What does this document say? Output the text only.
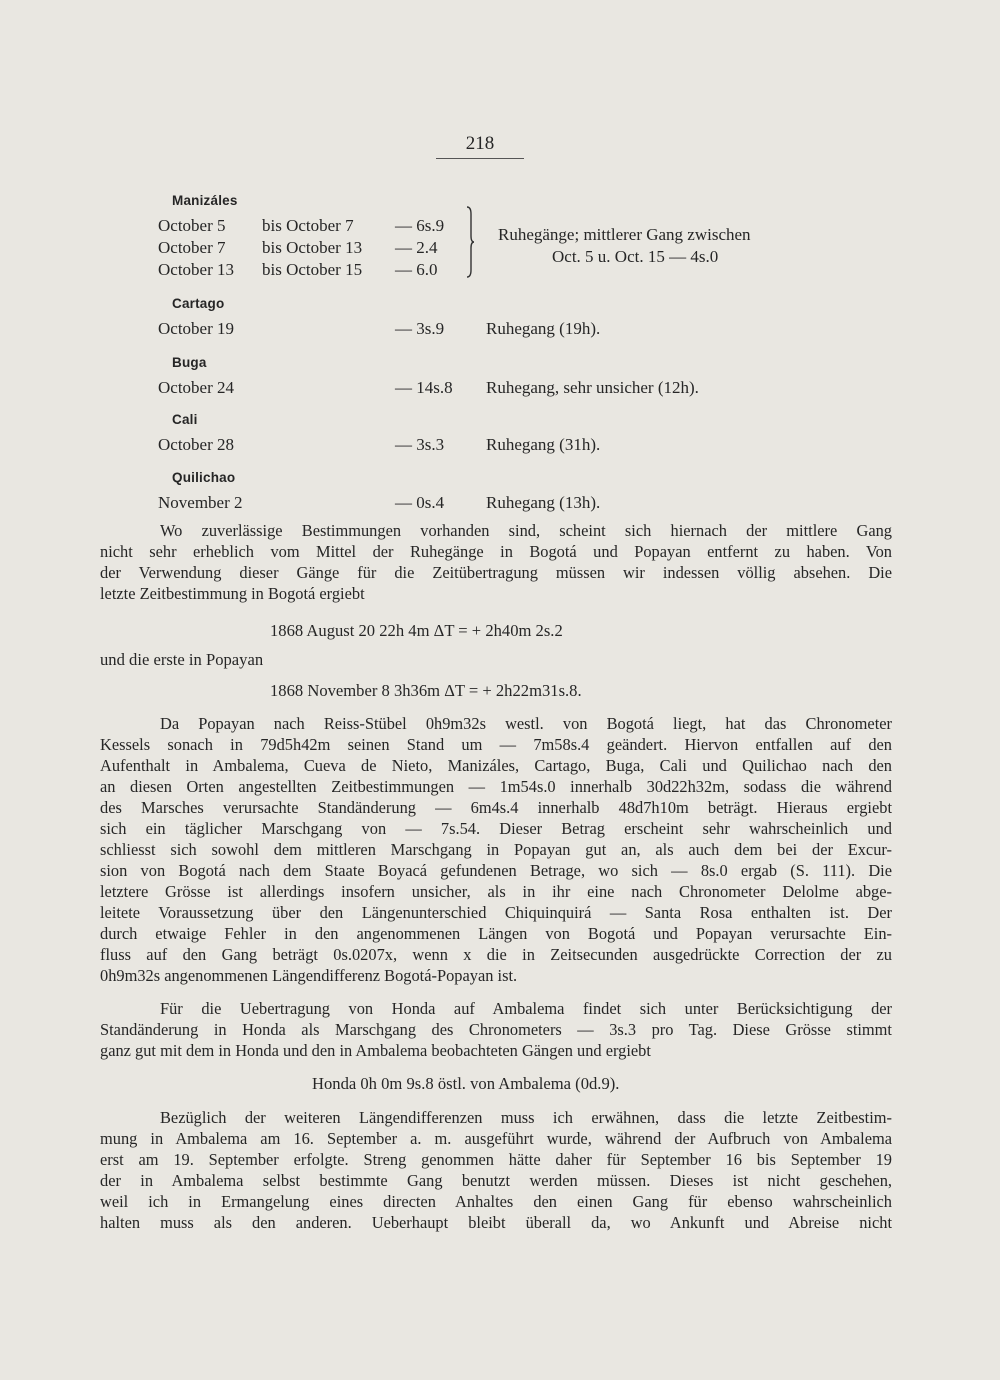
218
Manizáles
October 5 bis October 7 — 6s.9
October 7 bis October 13 — 2.4
October 13 bis October 15 — 6.0
Ruhegänge; mittlerer Gang zwischen
Oct. 5 u. Oct. 15 — 4s.0
Cartago
October 19	— 3s.9 Ruhegang (19h).
Buga
October 24	— 14s.8 Ruhegang, sehr unsicher (12h).
Cali
October 28	— 3s.3 Ruhegang (31h).
Quilichao
November 2	— 0s.4 Ruhegang (13h).
Wo zuverlässige Bestimmungen vorhanden sind, scheint sich hiernach der mittlere Gang
nicht sehr erheblich vom Mittel der Ruhegänge in Bogotá und Popayan entfernt zu haben. Von
der Verwendung dieser Gänge für die Zeitübertragung müssen wir indessen völlig absehen. Die
letzte Zeitbestimmung in Bogotá ergiebt
1868 August 20 22h 4m ΔT = + 2h40m 2s.2
und die erste in Popayan
1868 November 8 3h36m ΔT = + 2h22m31s.8.
Da Popayan nach Reiss-Stübel 0h9m32s westl. von Bogotá liegt, hat das Chronometer
Kessels sonach in 79d5h42m seinen Stand um — 7m58s.4 geändert. Hiervon entfallen auf den
Aufenthalt in Ambalema, Cueva de Nieto, Manizáles, Cartago, Buga, Cali und Quilichao nach den
an diesen Orten angestellten Zeitbestimmungen — 1m54s.0 innerhalb 30d22h32m, sodass die während
des Marsches verursachte Standänderung — 6m4s.4 innerhalb 48d7h10m beträgt. Hieraus ergiebt
sich ein täglicher Marschgang von — 7s.54. Dieser Betrag erscheint sehr wahrscheinlich und
schliesst sich sowohl dem mittleren Marschgang in Popayan gut an, als auch dem bei der Excur-
sion von Bogotá nach dem Staate Boyacá gefundenen Betrage, wo sich — 8s.0 ergab (S. 111). Die
letztere Grösse ist allerdings insofern unsicher, als in ihr eine nach Chronometer Delolme abge-
leitete Voraussetzung über den Längenunterschied Chiquinquirá — Santa Rosa enthalten ist. Der
durch etwaige Fehler in den angenommenen Längen von Bogotá und Popayan verursachte Ein-
fluss auf den Gang beträgt 0s.0207x, wenn x die in Zeitsecunden ausgedrückte Correction der zu
0h9m32s angenommenen Längendifferenz Bogotá-Popayan ist.
Für die Uebertragung von Honda auf Ambalema findet sich unter Berücksichtigung der
Standänderung in Honda als Marschgang des Chronometers — 3s.3 pro Tag. Diese Grösse stimmt
ganz gut mit dem in Honda und den in Ambalema beobachteten Gängen und ergiebt
Honda 0h 0m 9s.8 östl. von Ambalema (0d.9).
Bezüglich der weiteren Längendifferenzen muss ich erwähnen, dass die letzte Zeitbestim-
mung in Ambalema am 16. September a. m. ausgeführt wurde, während der Aufbruch von Ambalema
erst am 19. September erfolgte. Streng genommen hätte daher für September 16 bis September 19
der in Ambalema selbst bestimmte Gang benutzt werden müssen. Dieses ist nicht geschehen,
weil ich in Ermangelung eines directen Anhaltes den einen Gang für ebenso wahrscheinlich
halten muss als den anderen. Ueberhaupt bleibt überall da, wo Ankunft und Abreise nicht
